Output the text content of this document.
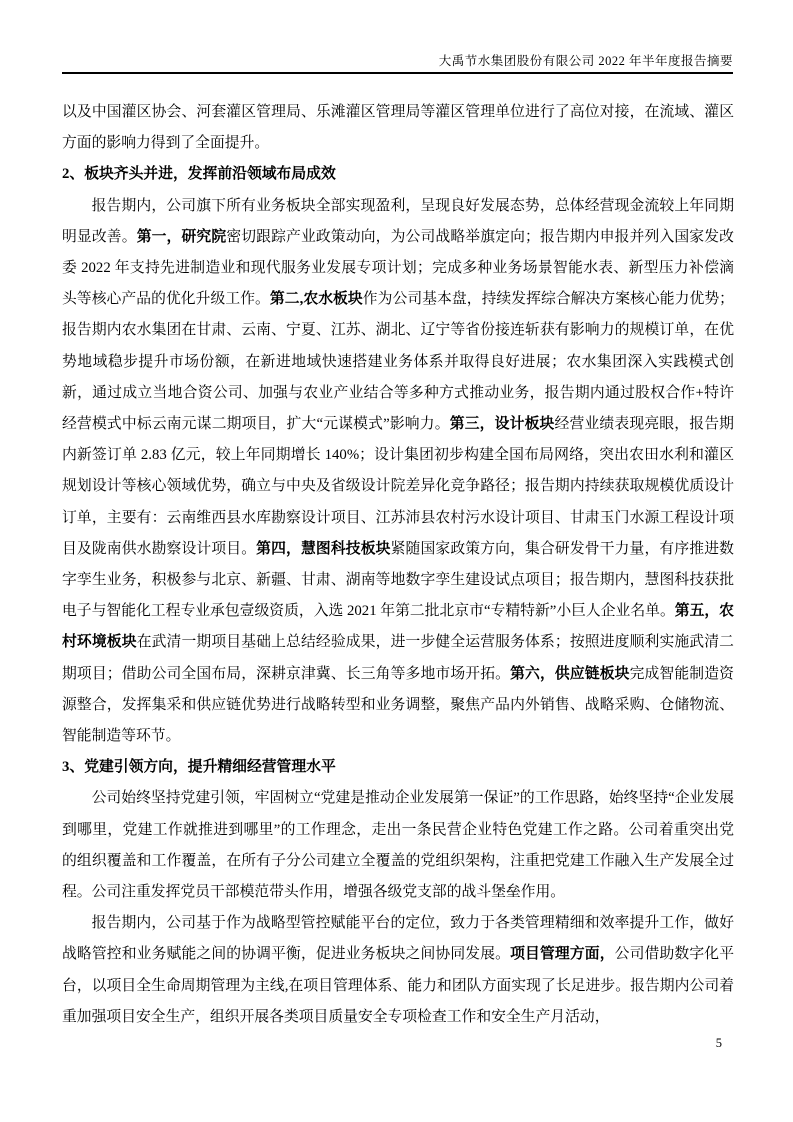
大禹节水集团股份有限公司 2022 年半年度报告摘要

以及中国灌区协会、河套灌区管理局、乐滩灌区管理局等灌区管理单位进行了高位对接，在流域、灌区方面的影响力得到了全面提升。

2、板块齐头并进，发挥前沿领域布局成效

报告期内，公司旗下所有业务板块全部实现盈利，呈现良好发展态势，总体经营现金流较上年同期明显改善。第一，研究院密切跟踪产业政策动向，为公司战略举旗定向；报告期内申报并列入国家发改委 2022 年支持先进制造业和现代服务业发展专项计划；完成多种业务场景智能水表、新型压力补偿滴头等核心产品的优化升级工作。第二,农水板块作为公司基本盘，持续发挥综合解决方案核心能力优势；报告期内农水集团在甘肃、云南、宁夏、江苏、湖北、辽宁等省份接连斩获有影响力的规模订单，在优势地域稳步提升市场份额，在新进地域快速搭建业务体系并取得良好进展；农水集团深入实践模式创新，通过成立当地合资公司、加强与农业产业结合等多种方式推动业务，报告期内通过股权合作+特许经营模式中标云南元谋二期项目，扩大“元谋模式”影响力。第三，设计板块经营业绩表现亮眼，报告期内新签订单 2.83 亿元，较上年同期增长 140%；设计集团初步构建全国布局网络，突出农田水利和灌区规划设计等核心领域优势，确立与中央及省级设计院差异化竞争路径；报告期内持续获取规模优质设计订单，主要有：云南维西县水库勘察设计项目、江苏沛县农村污水设计项目、甘肃玉门水源工程设计项目及陇南供水勘察设计项目。第四，慧图科技板块紧随国家政策方向，集合研发骨干力量，有序推进数字孪生业务，积极参与北京、新疆、甘肃、湖南等地数字孪生建设试点项目；报告期内，慧图科技获批电子与智能化工程专业承包壹级资质，入选 2021 年第二批北京市“专精特新”小巨人企业名单。第五，农村环境板块在武清一期项目基础上总结经验成果，进一步健全运营服务体系；按照进度顺利实施武清二期项目；借助公司全国布局，深耕京津冀、长三角等多地市场开拓。第六，供应链板块完成智能制造资源整合，发挥集采和供应链优势进行战略转型和业务调整，聚焦产品内外销售、战略采购、仓储物流、智能制造等环节。

3、党建引领方向，提升精细经营管理水平

公司始终坚持党建引领，牢固树立“党建是推动企业发展第一保证”的工作思路，始终坚持“企业发展到哪里，党建工作就推进到哪里”的工作理念，走出一条民营企业特色党建工作之路。公司着重突出党的组织覆盖和工作覆盖，在所有子分公司建立全覆盖的党组织架构，注重把党建工作融入生产发展全过程。公司注重发挥党员干部模范带头作用，增强各级党支部的战斗堡垒作用。

报告期内，公司基于作为战略型管控赋能平台的定位，致力于各类管理精细和效率提升工作，做好战略管控和业务赋能之间的协调平衡，促进业务板块之间协同发展。项目管理方面，公司借助数字化平台，以项目全生命周期管理为主线,在项目管理体系、能力和团队方面实现了长足进步。报告期内公司着重加强项目安全生产，组织开展各类项目质量安全专项检查工作和安全生产月活动，

5
